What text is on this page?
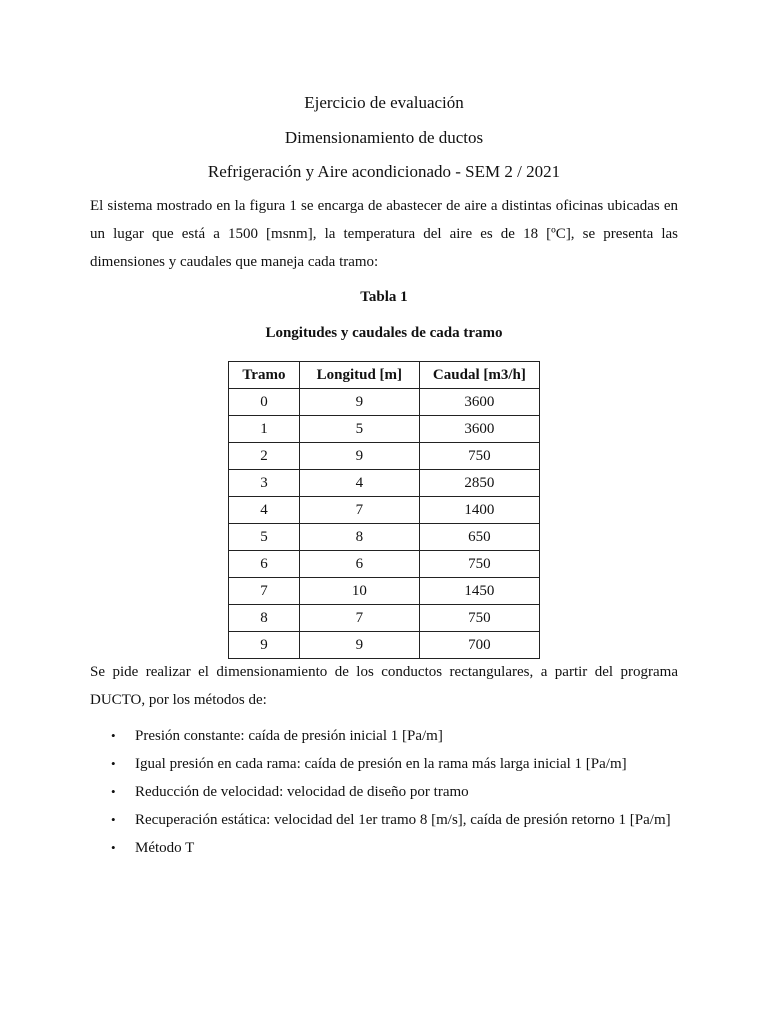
Ejercicio de evaluación
Dimensionamiento de ductos
Refrigeración y Aire acondicionado - SEM 2 / 2021

El sistema mostrado en la figura 1 se encarga de abastecer de aire a distintas oficinas ubicadas en un lugar que está a 1500 [msnm], la temperatura del aire es de 18 [ºC], se presenta las dimensiones y caudales que maneja cada tramo:

Tabla 1
Longitudes y caudales de cada tramo
Tramo	Longitud [m]	Caudal [m3/h]
0	9	3600
1	5	3600
2	9	750
3	4	2850
4	7	1400
5	8	650
6	6	750
7	10	1450
8	7	750
9	9	700

Se pide realizar el dimensionamiento de los conductos rectangulares, a partir del programa DUCTO, por los métodos de:

• Presión constante: caída de presión inicial 1 [Pa/m]
• Igual presión en cada rama: caída de presión en la rama más larga inicial 1 [Pa/m]
• Reducción de velocidad: velocidad de diseño por tramo
• Recuperación estática: velocidad del 1er tramo 8 [m/s], caída de presión retorno 1 [Pa/m]
• Método T
